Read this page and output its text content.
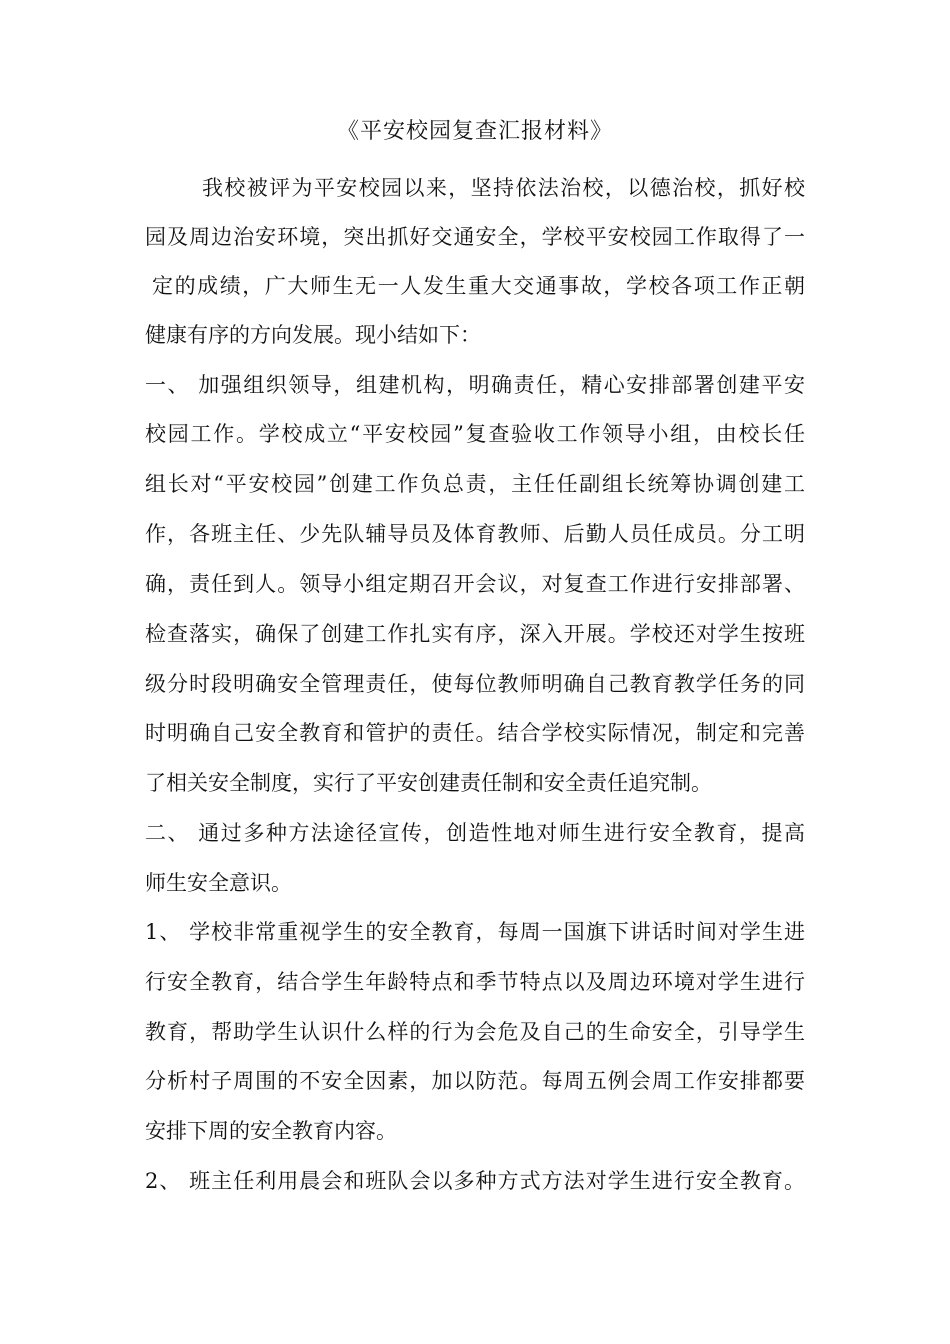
《平安校园复查汇报材料》

我校被评为平安校园以来，坚持依法治校，以德治校，抓好校

园及周边治安环境，突出抓好交通安全，学校平安校园工作取得了一

定的成绩，广大师生无一人发生重大交通事故，学校各项工作正朝

健康有序的方向发展。现小结如下：

一、 加强组织领导，组建机构，明确责任，精心安排部署创建平安

校园工作。学校成立“平安校园”复查验收工作领导小组，由校长任

组长对“平安校园”创建工作负总责，主任任副组长统筹协调创建工

作，各班主任、少先队辅导员及体育教师、后勤人员任成员。分工明

确，责任到人。领导小组定期召开会议，对复查工作进行安排部署、

检查落实，确保了创建工作扎实有序，深入开展。学校还对学生按班

级分时段明确安全管理责任，使每位教师明确自己教育教学任务的同

时明确自己安全教育和管护的责任。结合学校实际情况，制定和完善

了相关安全制度，实行了平安创建责任制和安全责任追究制。

二、 通过多种方法途径宣传，创造性地对师生进行安全教育，提高

师生安全意识。

1、 学校非常重视学生的安全教育，每周一国旗下讲话时间对学生进

行安全教育，结合学生年龄特点和季节特点以及周边环境对学生进行

教育，帮助学生认识什么样的行为会危及自己的生命安全，引导学生

分析村子周围的不安全因素，加以防范。每周五例会周工作安排都要

安排下周的安全教育内容。

2、 班主任利用晨会和班队会以多种方式方法对学生进行安全教育。
